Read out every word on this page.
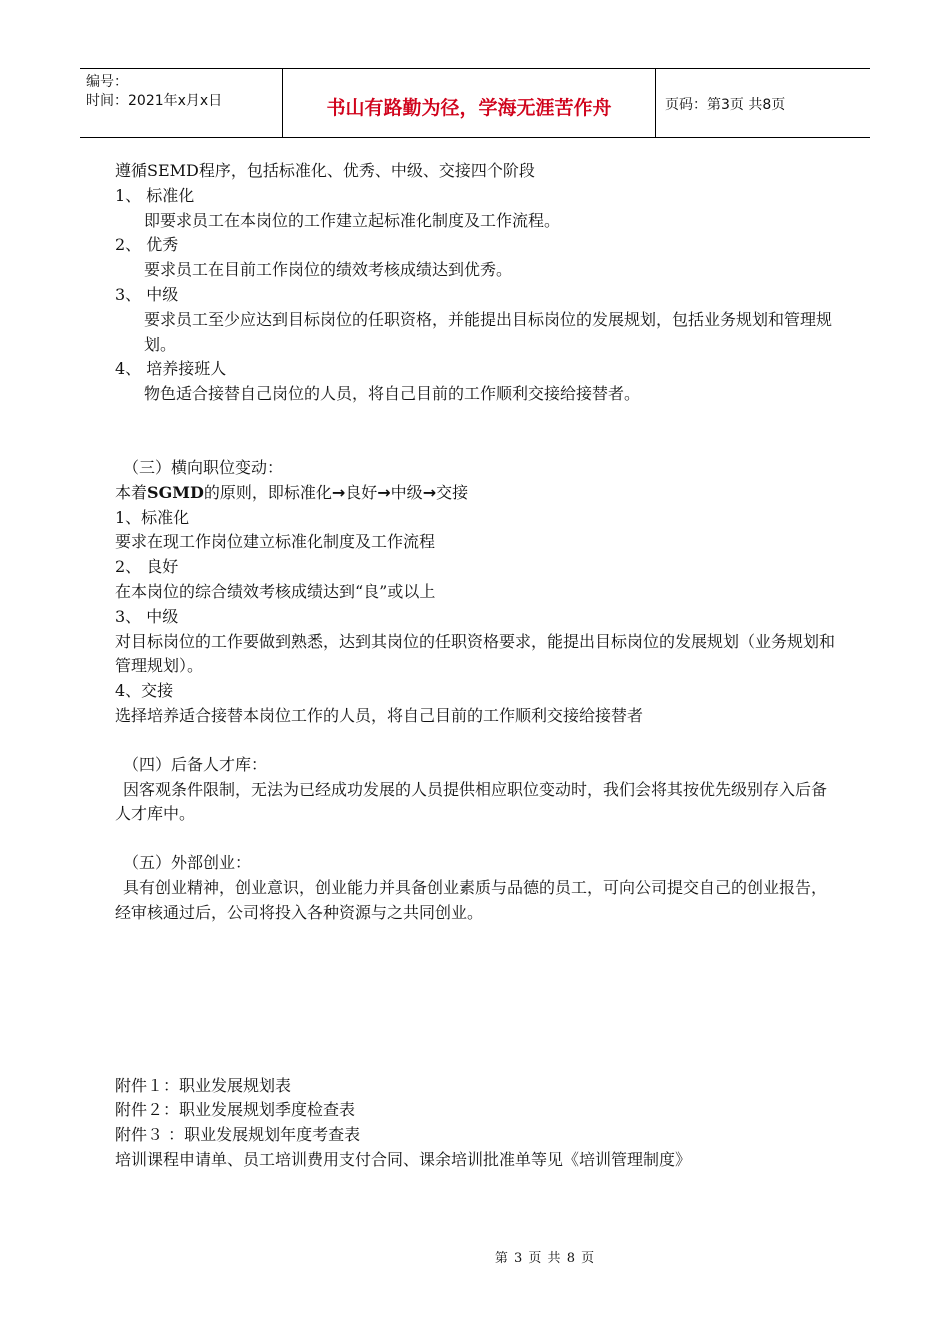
编号：
时间：2021年x月x日	书山有路勤为径，学海无涯苦作舟	页码：第3页 共8页
遵循SEMD程序，包括标准化、优秀、中级、交接四个阶段
1、 标准化
即要求员工在本岗位的工作建立起标准化制度及工作流程。
2、 优秀
要求员工在目前工作岗位的绩效考核成绩达到优秀。
3、 中级
要求员工至少应达到目标岗位的任职资格，并能提出目标岗位的发展规划，包括业务规划和管理规划。
4、 培养接班人
物色适合接替自己岗位的人员，将自己目前的工作顺利交接给接替者。
（三）横向职位变动：
本着SGMD的原则，即标准化→良好→中级→交接
1、标准化
要求在现工作岗位建立标准化制度及工作流程
2、 良好
在本岗位的综合绩效考核成绩达到“良”或以上
3、 中级
对目标岗位的工作要做到熟悉，达到其岗位的任职资格要求，能提出目标岗位的发展规划（业务规划和管理规划）。
4、交接
选择培养适合接替本岗位工作的人员，将自己目前的工作顺利交接给接替者
（四）后备人才库：
因客观条件限制，无法为已经成功发展的人员提供相应职位变动时，我们会将其按优先级别存入后备人才库中。
（五）外部创业：
具有创业精神，创业意识，创业能力并具备创业素质与品德的员工，可向公司提交自己的创业报告，经审核通过后，公司将投入各种资源与之共同创业。
附件１：职业发展规划表
附件２：职业发展规划季度检查表
附件３ ：职业发展规划年度考查表
培训课程申请单、员工培训费用支付合同、课余培训批准单等见《培训管理制度》
第 3 页 共 8 页
